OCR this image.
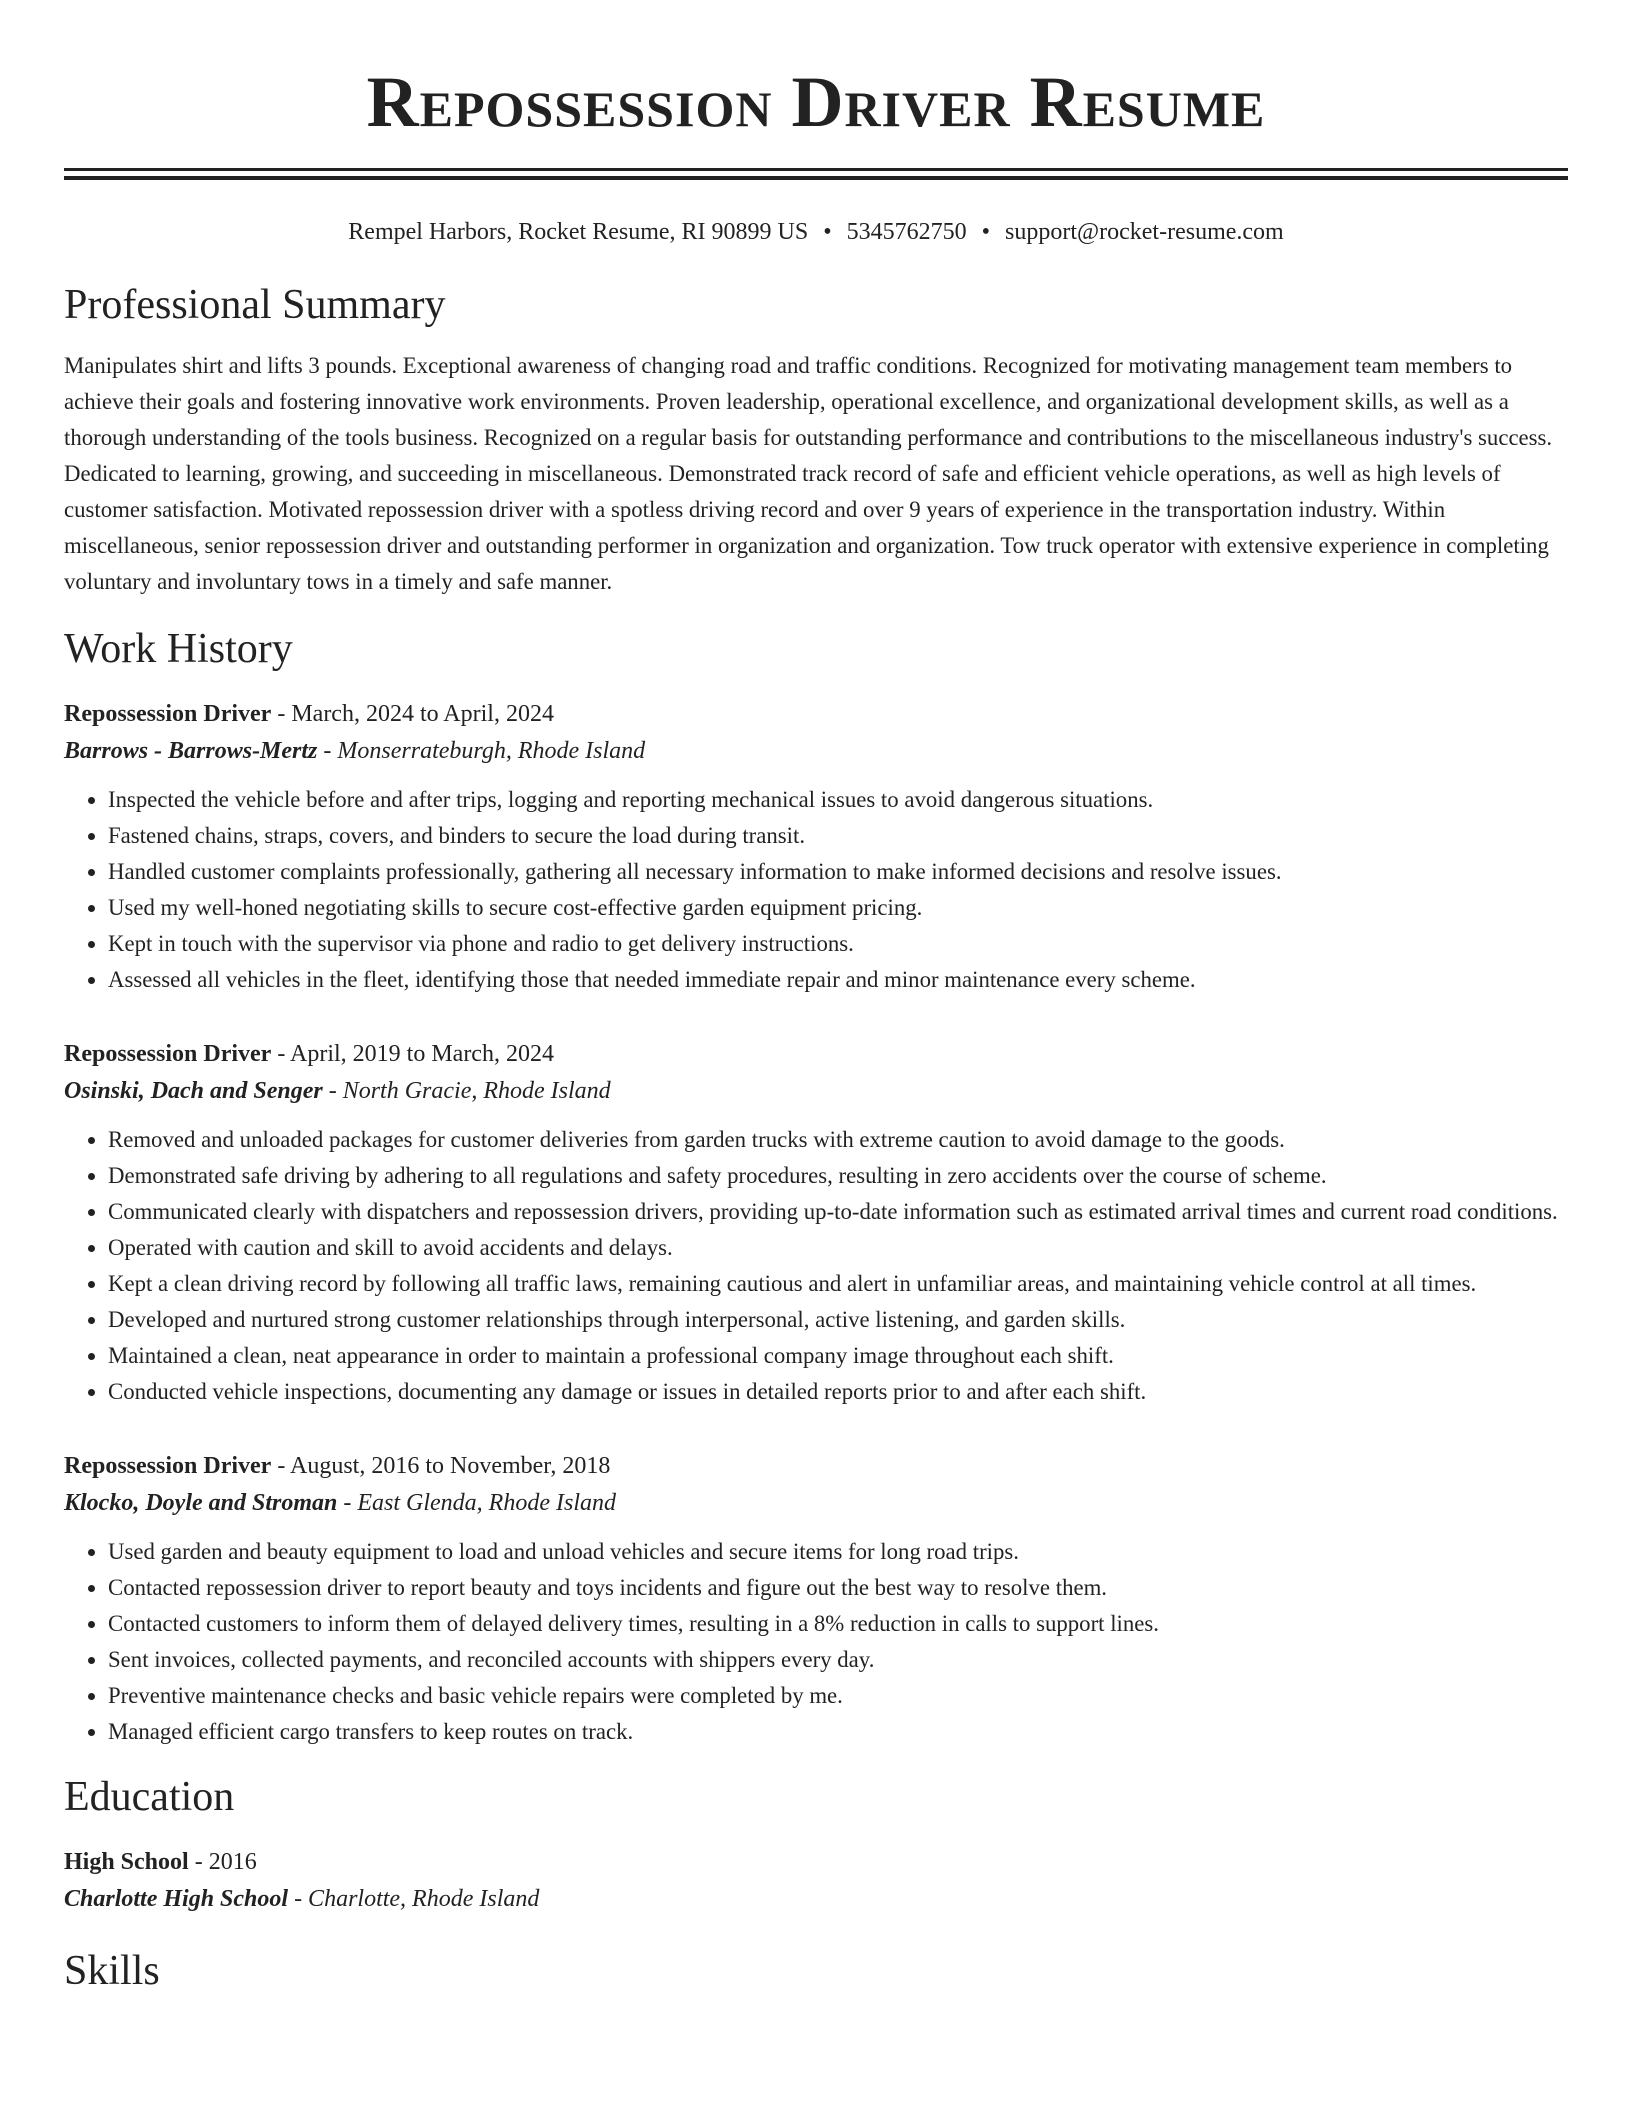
Repossession Driver Resume
Rempel Harbors, Rocket Resume, RI 90899 US • 5345762750 • support@rocket-resume.com
Professional Summary

Manipulates shirt and lifts 3 pounds. Exceptional awareness of changing road and traffic conditions. Recognized for motivating management team members to achieve their goals and fostering innovative work environments. Proven leadership, operational excellence, and organizational development skills, as well as a thorough understanding of the tools business. Recognized on a regular basis for outstanding performance and contributions to the miscellaneous industry's success. Dedicated to learning, growing, and succeeding in miscellaneous. Demonstrated track record of safe and efficient vehicle operations, as well as high levels of customer satisfaction. Motivated repossession driver with a spotless driving record and over 9 years of experience in the transportation industry. Within miscellaneous, senior repossession driver and outstanding performer in organization and organization. Tow truck operator with extensive experience in completing voluntary and involuntary tows in a timely and safe manner.

Work History

Repossession Driver - March, 2024 to April, 2024

Barrows - Barrows-Mertz - Monserrateburgh, Rhode Island

• Inspected the vehicle before and after trips, logging and reporting mechanical issues to avoid dangerous situations.
• Fastened chains, straps, covers, and binders to secure the load during transit.
• Handled customer complaints professionally, gathering all necessary information to make informed decisions and resolve issues.
• Used my well-honed negotiating skills to secure cost-effective garden equipment pricing.
• Kept in touch with the supervisor via phone and radio to get delivery instructions.
• Assessed all vehicles in the fleet, identifying those that needed immediate repair and minor maintenance every scheme.

Repossession Driver - April, 2019 to March, 2024

Osinski, Dach and Senger - North Gracie, Rhode Island

• Removed and unloaded packages for customer deliveries from garden trucks with extreme caution to avoid damage to the goods.
• Demonstrated safe driving by adhering to all regulations and safety procedures, resulting in zero accidents over the course of scheme.
• Communicated clearly with dispatchers and repossession drivers, providing up-to-date information such as estimated arrival times and current road conditions.
• Operated with caution and skill to avoid accidents and delays.
• Kept a clean driving record by following all traffic laws, remaining cautious and alert in unfamiliar areas, and maintaining vehicle control at all times.
• Developed and nurtured strong customer relationships through interpersonal, active listening, and garden skills.
• Maintained a clean, neat appearance in order to maintain a professional company image throughout each shift.
• Conducted vehicle inspections, documenting any damage or issues in detailed reports prior to and after each shift.

Repossession Driver - August, 2016 to November, 2018

Klocko, Doyle and Stroman - East Glenda, Rhode Island

• Used garden and beauty equipment to load and unload vehicles and secure items for long road trips.
• Contacted repossession driver to report beauty and toys incidents and figure out the best way to resolve them.
• Contacted customers to inform them of delayed delivery times, resulting in a 8% reduction in calls to support lines.
• Sent invoices, collected payments, and reconciled accounts with shippers every day.
• Preventive maintenance checks and basic vehicle repairs were completed by me.
• Managed efficient cargo transfers to keep routes on track.
Education

High School - 2016

Charlotte High School - Charlotte, Rhode Island

Skills
